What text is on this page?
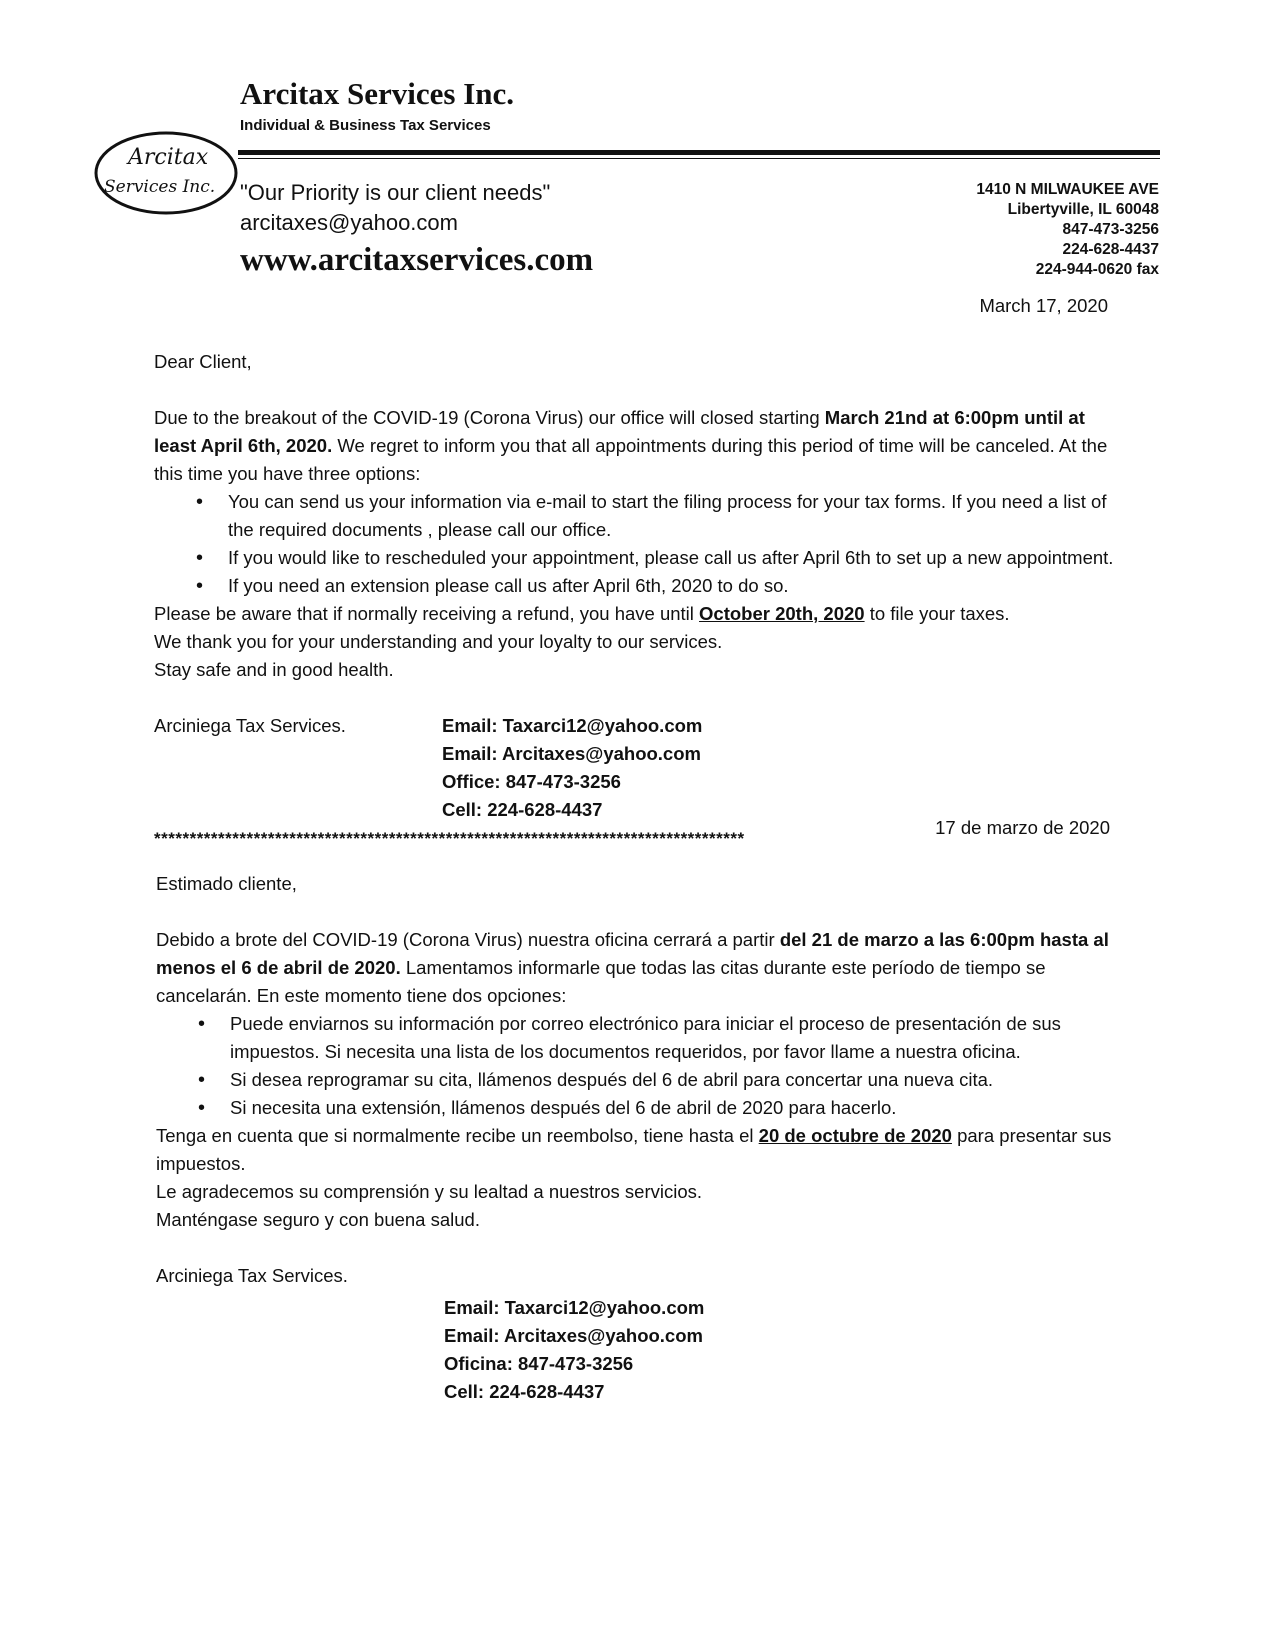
Arcitax Services Inc.
Individual & Business Tax Services
Arcitax
Services Inc. "Our Priority is our client needs"
arcitaxes@yahoo.com
www.arcitaxservices.com
1410 N MILWAUKEE AVE
Libertyville, IL 60048
847-473-3256
224-628-4437
224-944-0620 fax

March 17, 2020

Dear Client,

Due to the breakout of the COVID-19 (Corona Virus) our office will closed starting March 21nd at 6:00pm until at least April 6th, 2020. We regret to inform you that all appointments during this period of time will be canceled. At the this time you have three options:

• You can send us your information via e-mail to start the filing process for your tax forms. If you need a list of the required documents , please call our office.
• If you would like to rescheduled your appointment, please call us after April 6th to set up a new appointment.
• If you need an extension please call us after April 6th, 2020 to do so.

Please be aware that if normally receiving a refund, you have until October 20th, 2020 to file your taxes.

We thank you for your understanding and your loyalty to our services.

Stay safe and in good health.

Arciniega Tax Services.	Email: Taxarci12@yahoo.com
Email: Arcitaxes@yahoo.com
Office: 847-473-3256
Cell: 224-628-4437
***********************************************************************************

17 de marzo de 2020

Estimado cliente,

Debido a brote del COVID-19 (Corona Virus) nuestra oficina cerrará a partir del 21 de marzo a las 6:00pm hasta al menos el 6 de abril de 2020. Lamentamos informarle que todas las citas durante este período de tiempo se cancelarán. En este momento tiene dos opciones:

• Puede enviarnos su información por correo electrónico para iniciar el proceso de presentación de sus impuestos. Si necesita una lista de los documentos requeridos, por favor llame a nuestra oficina.
• Si desea reprogramar su cita, llámenos después del 6 de abril para concertar una nueva cita.
• Si necesita una extensión, llámenos después del 6 de abril de 2020 para hacerlo.

Tenga en cuenta que si normalmente recibe un reembolso, tiene hasta el 20 de octubre de 2020 para presentar sus impuestos.

Le agradecemos su comprensión y su lealtad a nuestros servicios.

Manténgase seguro y con buena salud.

Arciniega Tax Services.

Email: Taxarci12@yahoo.com
Email: Arcitaxes@yahoo.com
Oficina: 847-473-3256
Cell: 224-628-4437
